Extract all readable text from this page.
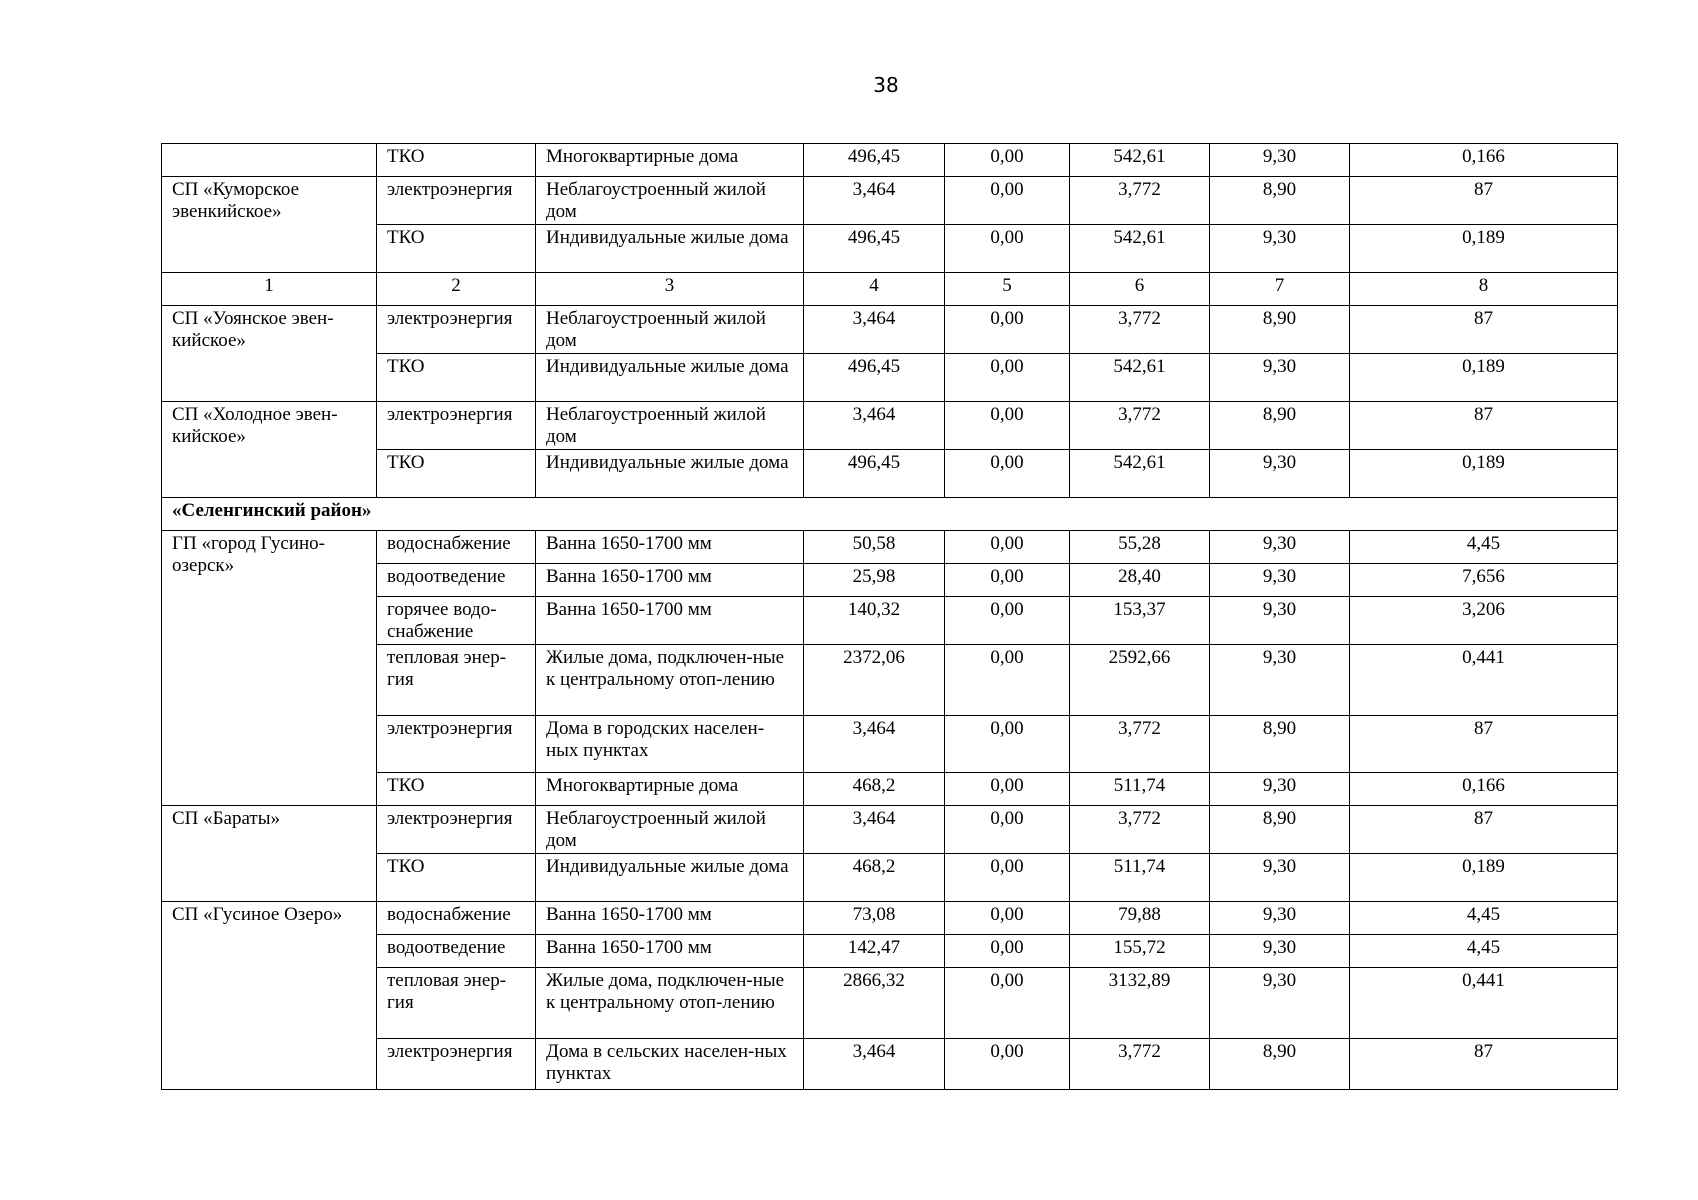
38
	ТКО	Многоквартирные дома	496,45	0,00	542,61	9,30	0,166
СП «Куморское эвенкийское»	электроэнергия	Неблагоустроенный жилой дом	3,464	0,00	3,772	8,90	87
	ТКО	Индивидуальные жилые дома	496,45	0,00	542,61	9,30	0,189
1	2	3	4	5	6	7	8
СП «Уоянское эвен-кийское»	электроэнергия	Неблагоустроенный жилой дом	3,464	0,00	3,772	8,90	87
	ТКО	Индивидуальные жилые дома	496,45	0,00	542,61	9,30	0,189
СП «Холодное эвен-кийское»	электроэнергия	Неблагоустроенный жилой дом	3,464	0,00	3,772	8,90	87
	ТКО	Индивидуальные жилые дома	496,45	0,00	542,61	9,30	0,189
«Селенгинский район»							
ГП «город Гусино-озерск»	водоснабжение	Ванна 1650-1700 мм	50,58	0,00	55,28	9,30	4,45
	водоотведение	Ванна 1650-1700 мм	25,98	0,00	28,40	9,30	7,656
	горячее водо-снабжение	Ванна 1650-1700 мм	140,32	0,00	153,37	9,30	3,206
	тепловая энер-гия	Жилые дома, подключен-ные к центральному отоп-лению	2372,06	0,00	2592,66	9,30	0,441
	электроэнергия	Дома в городских населен-ных пунктах	3,464	0,00	3,772	8,90	87
	ТКО	Многоквартирные дома	468,2	0,00	511,74	9,30	0,166
СП «Бараты»	электроэнергия	Неблагоустроенный жилой дом	3,464	0,00	3,772	8,90	87
	ТКО	Индивидуальные жилые дома	468,2	0,00	511,74	9,30	0,189
СП «Гусиное Озеро»	водоснабжение	Ванна 1650-1700 мм	73,08	0,00	79,88	9,30	4,45
	водоотведение	Ванна 1650-1700 мм	142,47	0,00	155,72	9,30	4,45
	тепловая энер-гия	Жилые дома, подключен-ные к центральному отоп-лению	2866,32	0,00	3132,89	9,30	0,441
	электроэнергия	Дома в сельских населен-ных пунктах	3,464	0,00	3,772	8,90	87
